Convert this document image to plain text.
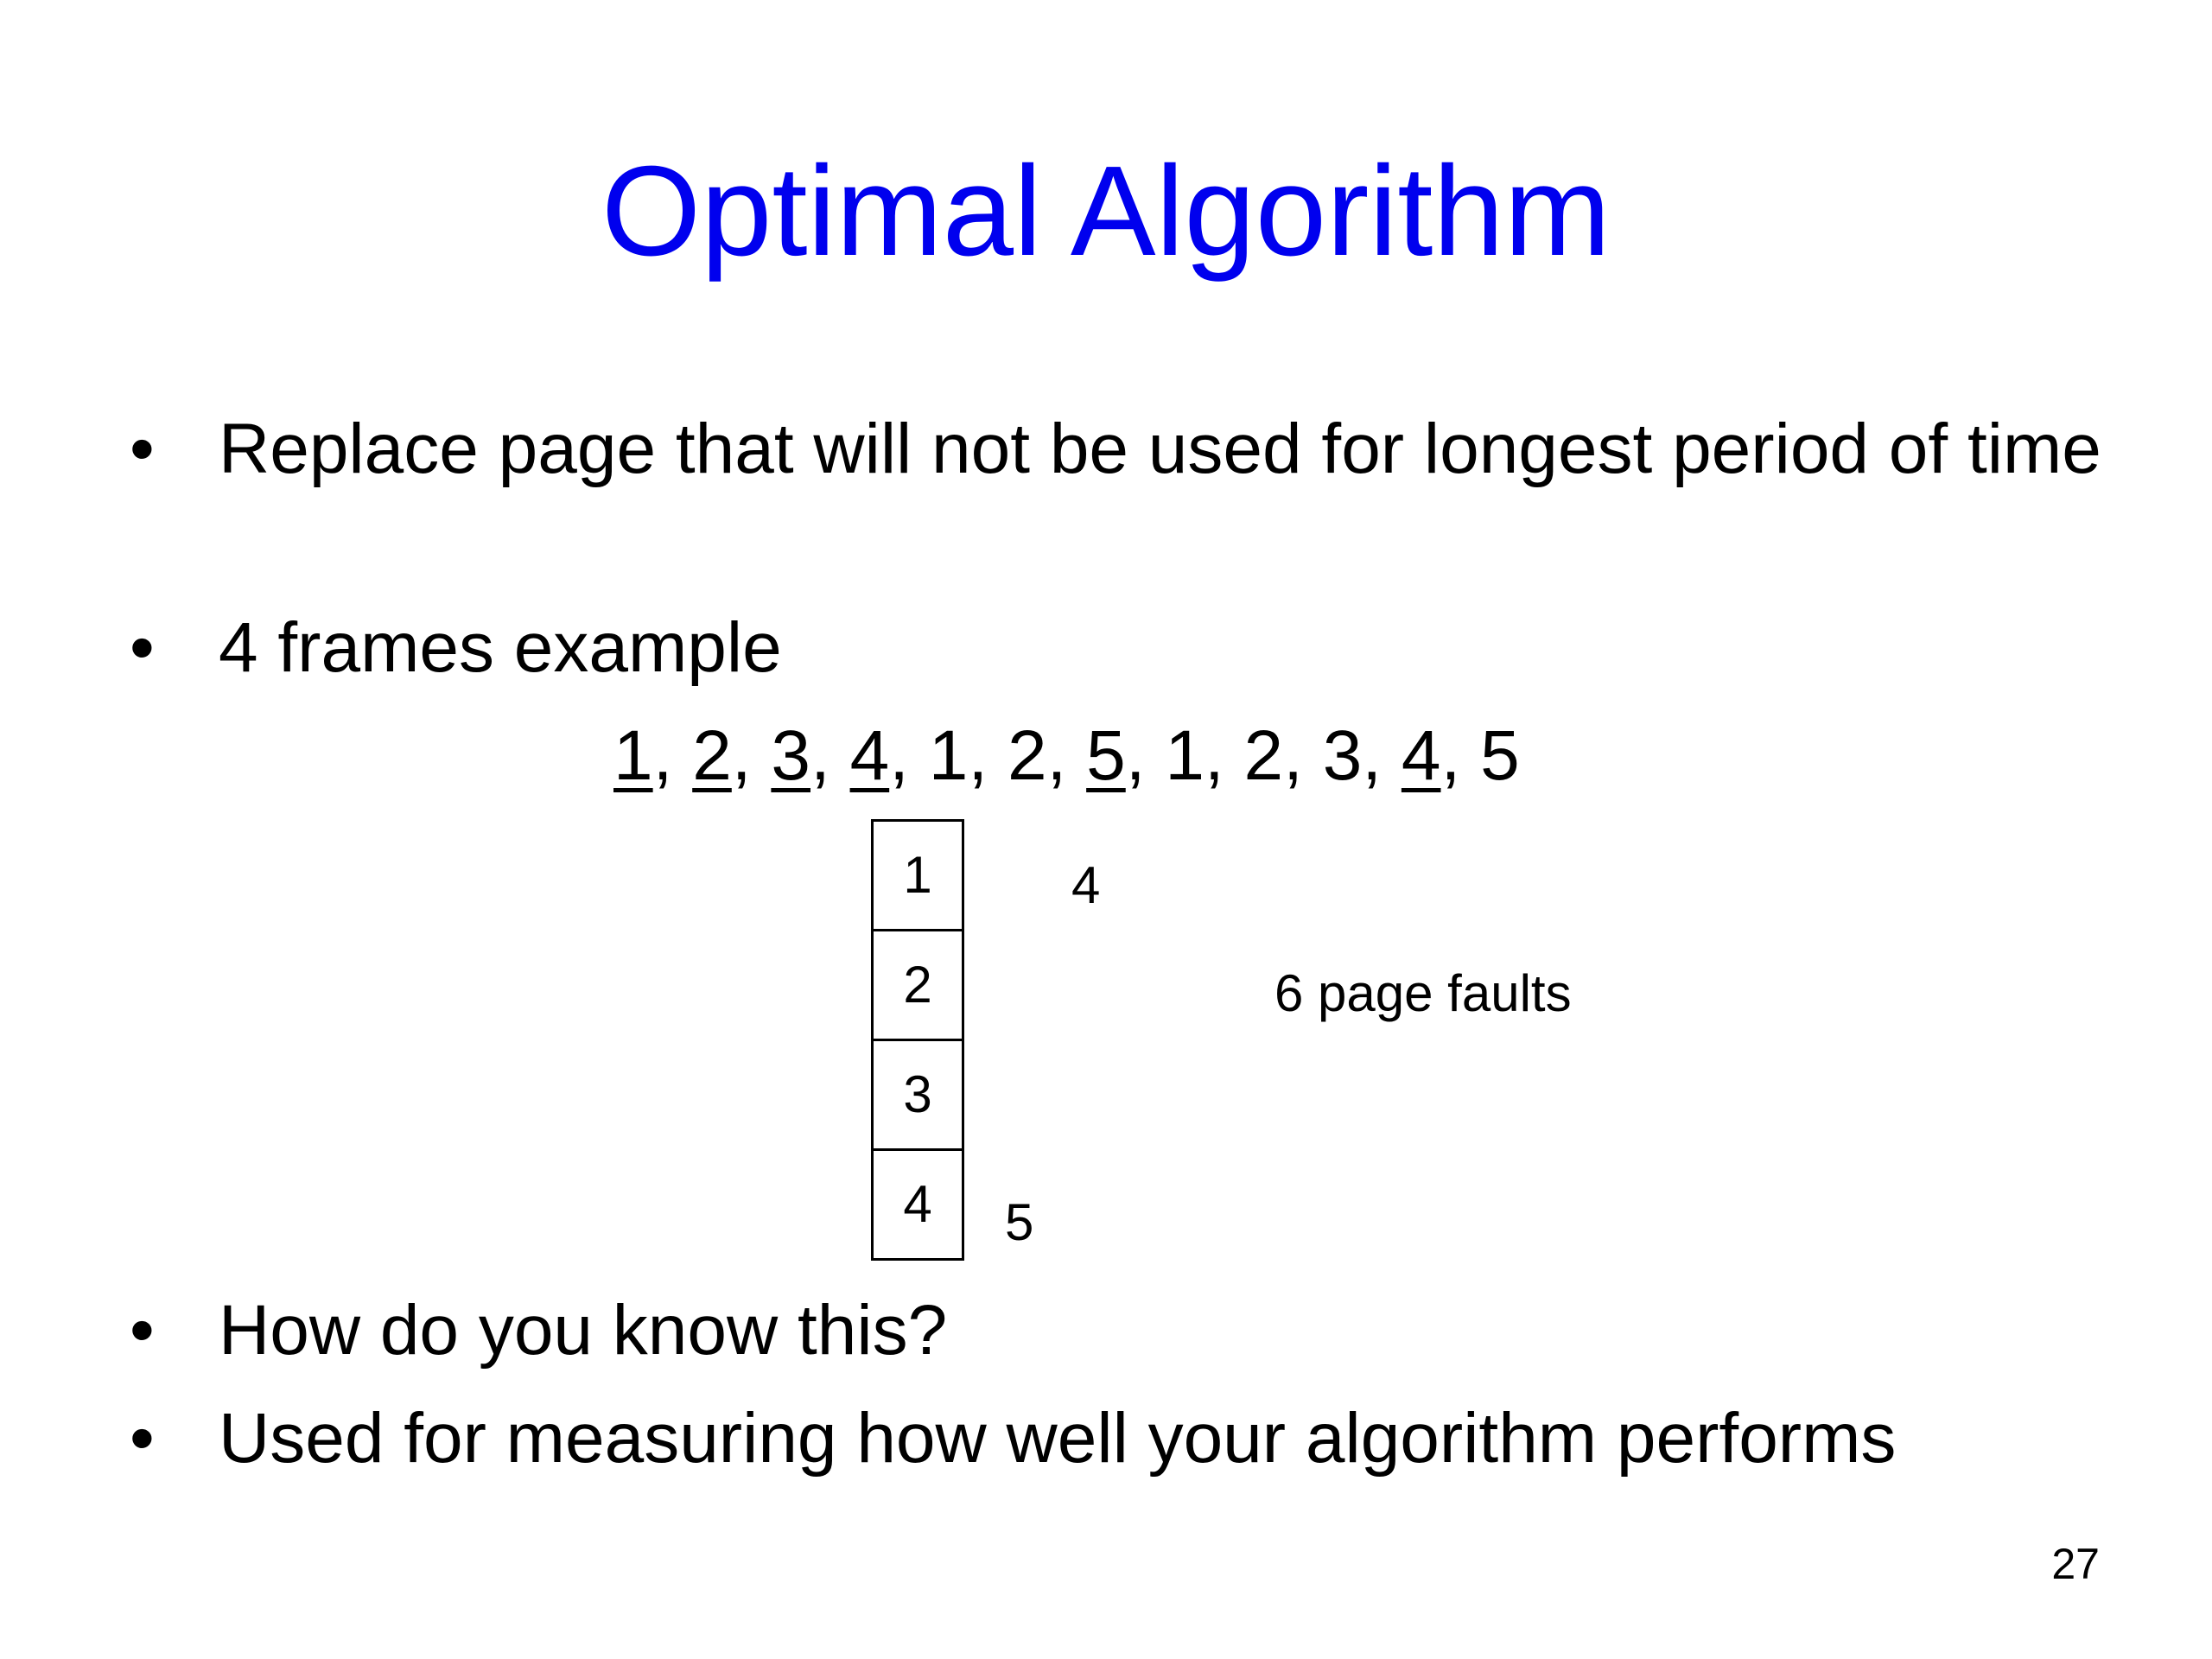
Optimal Algorithm
• Replace page that will not be used for longest period of time
• 4 frames example
1, 2, 3, 4, 1, 2, 5, 1, 2, 3, 4, 5
1
2
3
4
4
5
6 page faults
• How do you know this?
• Used for measuring how well your algorithm performs
27
